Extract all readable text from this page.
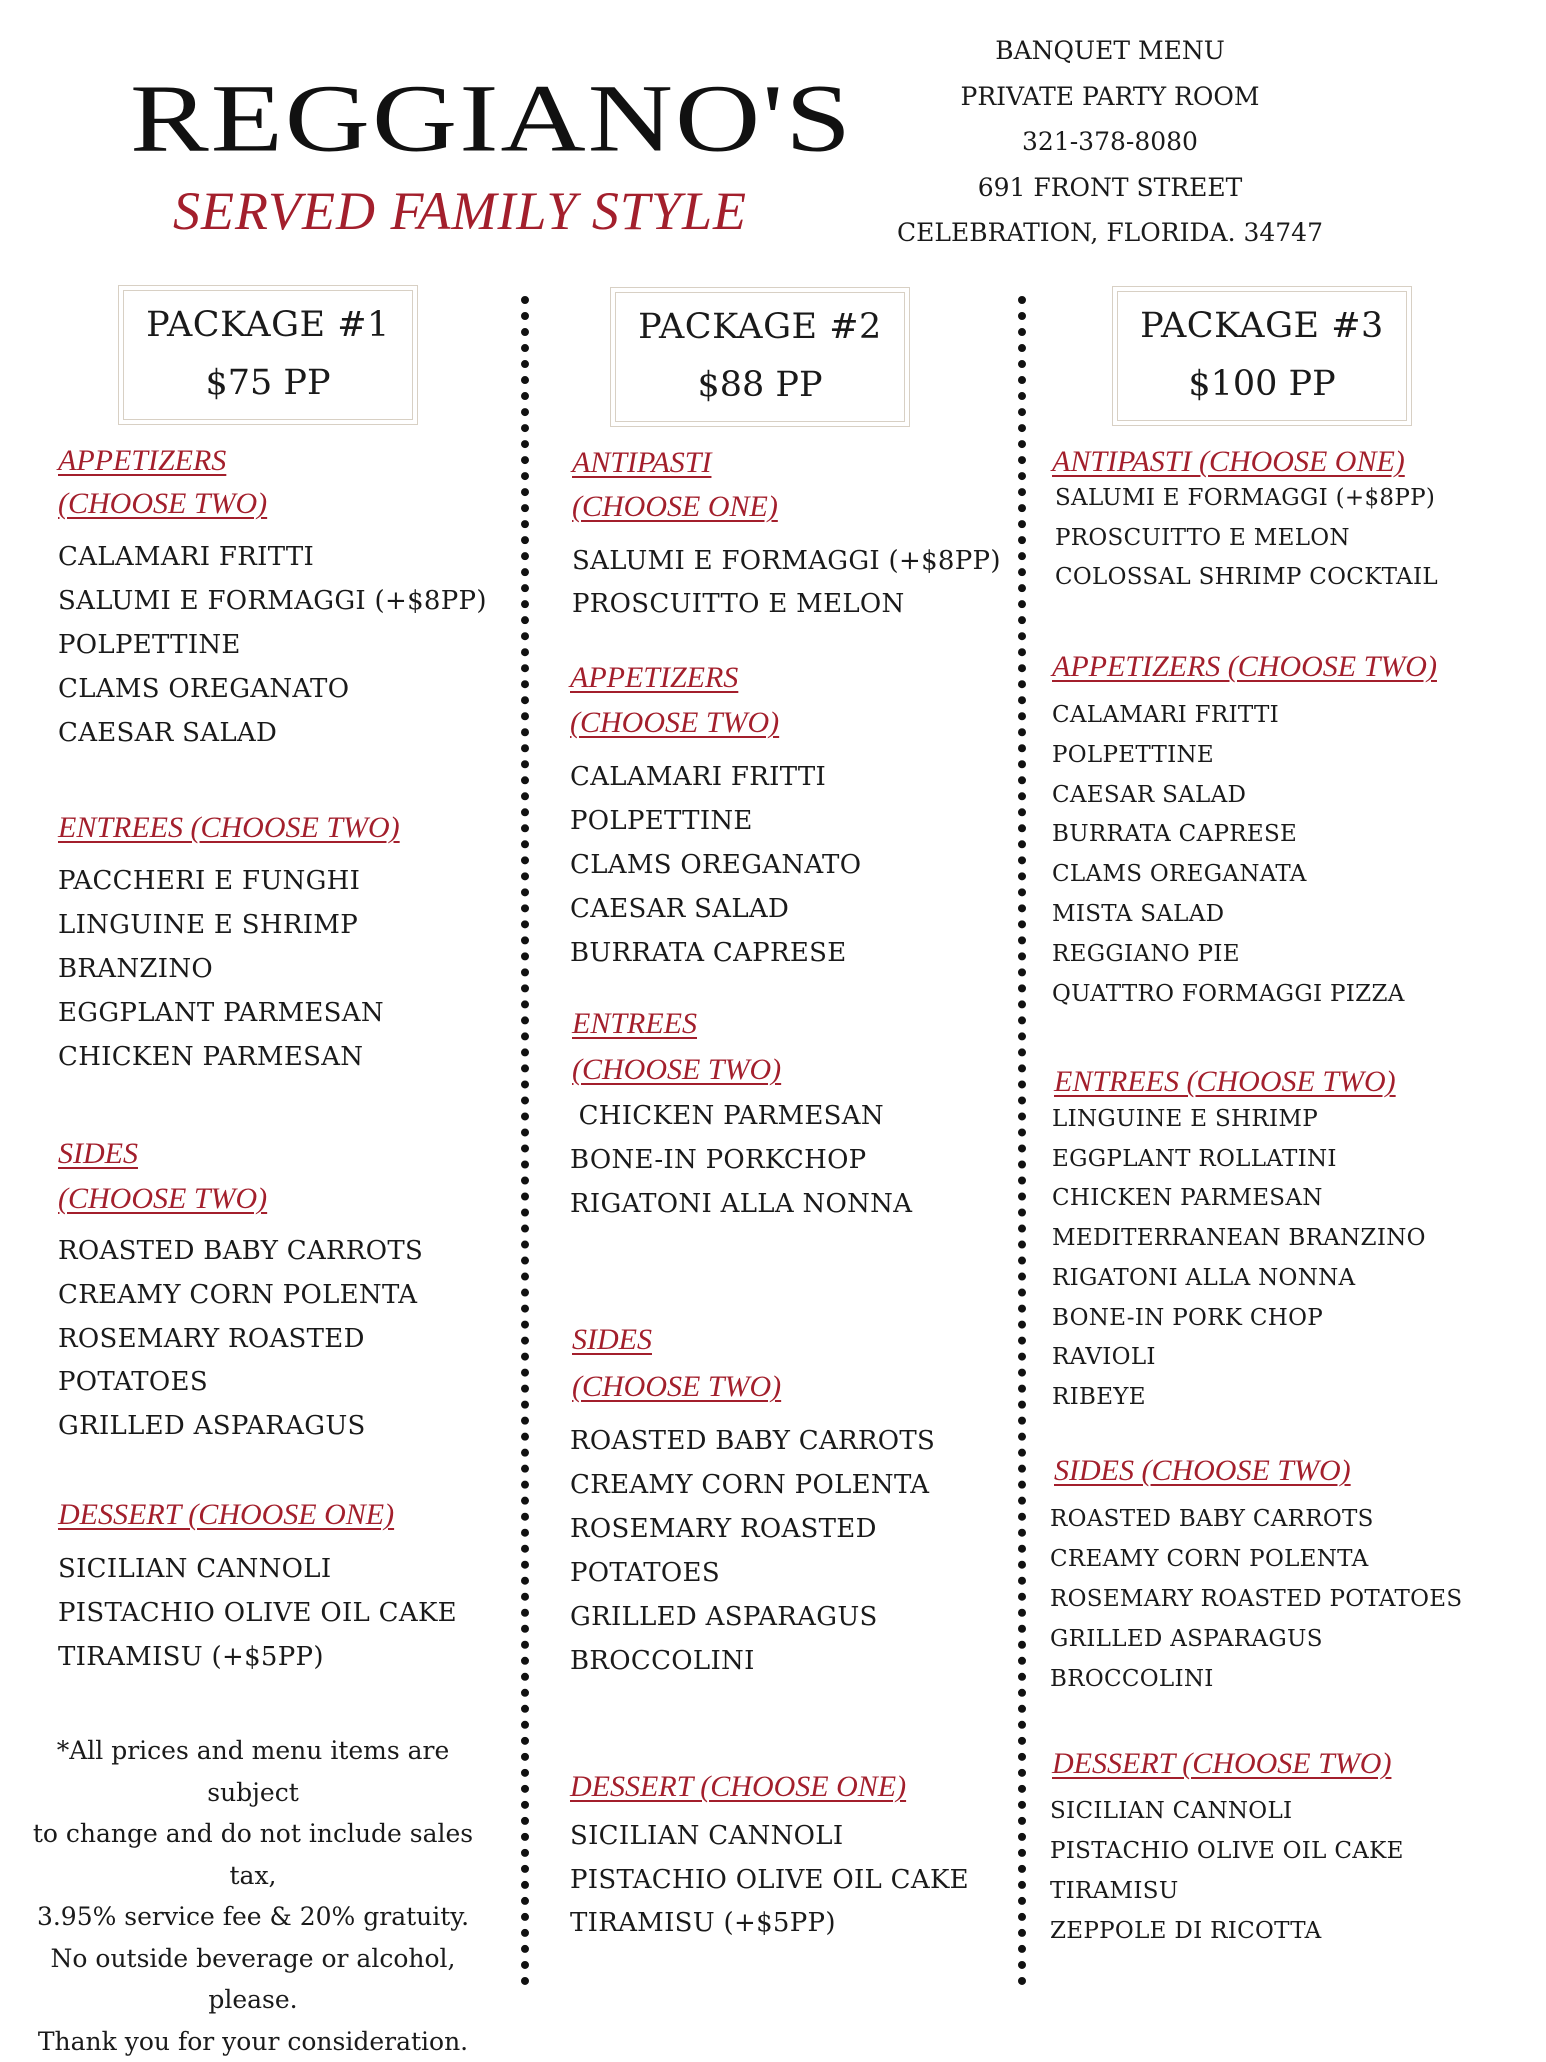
REGGIANO'S
SERVED FAMILY STYLE
BANQUET MENU
PRIVATE PARTY ROOM
321-378-8080
691 FRONT STREET
CELEBRATION, FLORIDA. 34747
PACKAGE #1
$75 PP
PACKAGE #2
$88 PP
PACKAGE #3
$100 PP
APPETIZERS
(CHOOSE TWO)
CALAMARI FRITTI
SALUMI E FORMAGGI (+$8PP)
POLPETTINE
CLAMS OREGANATO
CAESAR SALAD
ENTREES (CHOOSE TWO)
PACCHERI E FUNGHI
LINGUINE E SHRIMP
BRANZINO
EGGPLANT PARMESAN
CHICKEN PARMESAN
SIDES
(CHOOSE TWO)
ROASTED BABY CARROTS
CREAMY CORN POLENTA
ROSEMARY ROASTED
POTATOES
GRILLED ASPARAGUS
DESSERT (CHOOSE ONE)
SICILIAN CANNOLI
PISTACHIO OLIVE OIL CAKE
TIRAMISU (+$5PP)
ANTIPASTI
(CHOOSE ONE)
SALUMI E FORMAGGI (+$8PP)
PROSCUITTO E MELON
APPETIZERS
(CHOOSE TWO)
CALAMARI FRITTI
POLPETTINE
CLAMS OREGANATO
CAESAR SALAD
BURRATA CAPRESE
ENTREES
(CHOOSE TWO)
CHICKEN PARMESAN
BONE-IN PORKCHOP
RIGATONI ALLA NONNA
SIDES
(CHOOSE TWO)
ROASTED BABY CARROTS
CREAMY CORN POLENTA
ROSEMARY ROASTED
POTATOES
GRILLED ASPARAGUS
BROCCOLINI
DESSERT (CHOOSE ONE)
SICILIAN CANNOLI
PISTACHIO OLIVE OIL CAKE
TIRAMISU (+$5PP)
ANTIPASTI (CHOOSE ONE)
SALUMI E FORMAGGI (+$8PP)
PROSCUITTO E MELON
COLOSSAL SHRIMP COCKTAIL
APPETIZERS (CHOOSE TWO)
CALAMARI FRITTI
POLPETTINE
CAESAR SALAD
BURRATA CAPRESE
CLAMS OREGANATA
MISTA SALAD
REGGIANO PIE
QUATTRO FORMAGGI PIZZA
ENTREES (CHOOSE TWO)
LINGUINE E SHRIMP
EGGPLANT ROLLATINI
CHICKEN PARMESAN
MEDITERRANEAN BRANZINO
RIGATONI ALLA NONNA
BONE-IN PORK CHOP
RAVIOLI
RIBEYE
SIDES (CHOOSE TWO)
ROASTED BABY CARROTS
CREAMY CORN POLENTA
ROSEMARY ROASTED POTATOES
GRILLED ASPARAGUS
BROCCOLINI
DESSERT (CHOOSE TWO)
SICILIAN CANNOLI
PISTACHIO OLIVE OIL CAKE
TIRAMISU
ZEPPOLE DI RICOTTA
*All prices and menu items are subject
to change and do not include sales tax,
3.95% service fee & 20% gratuity.
No outside beverage or alcohol, please.
Thank you for your consideration.
